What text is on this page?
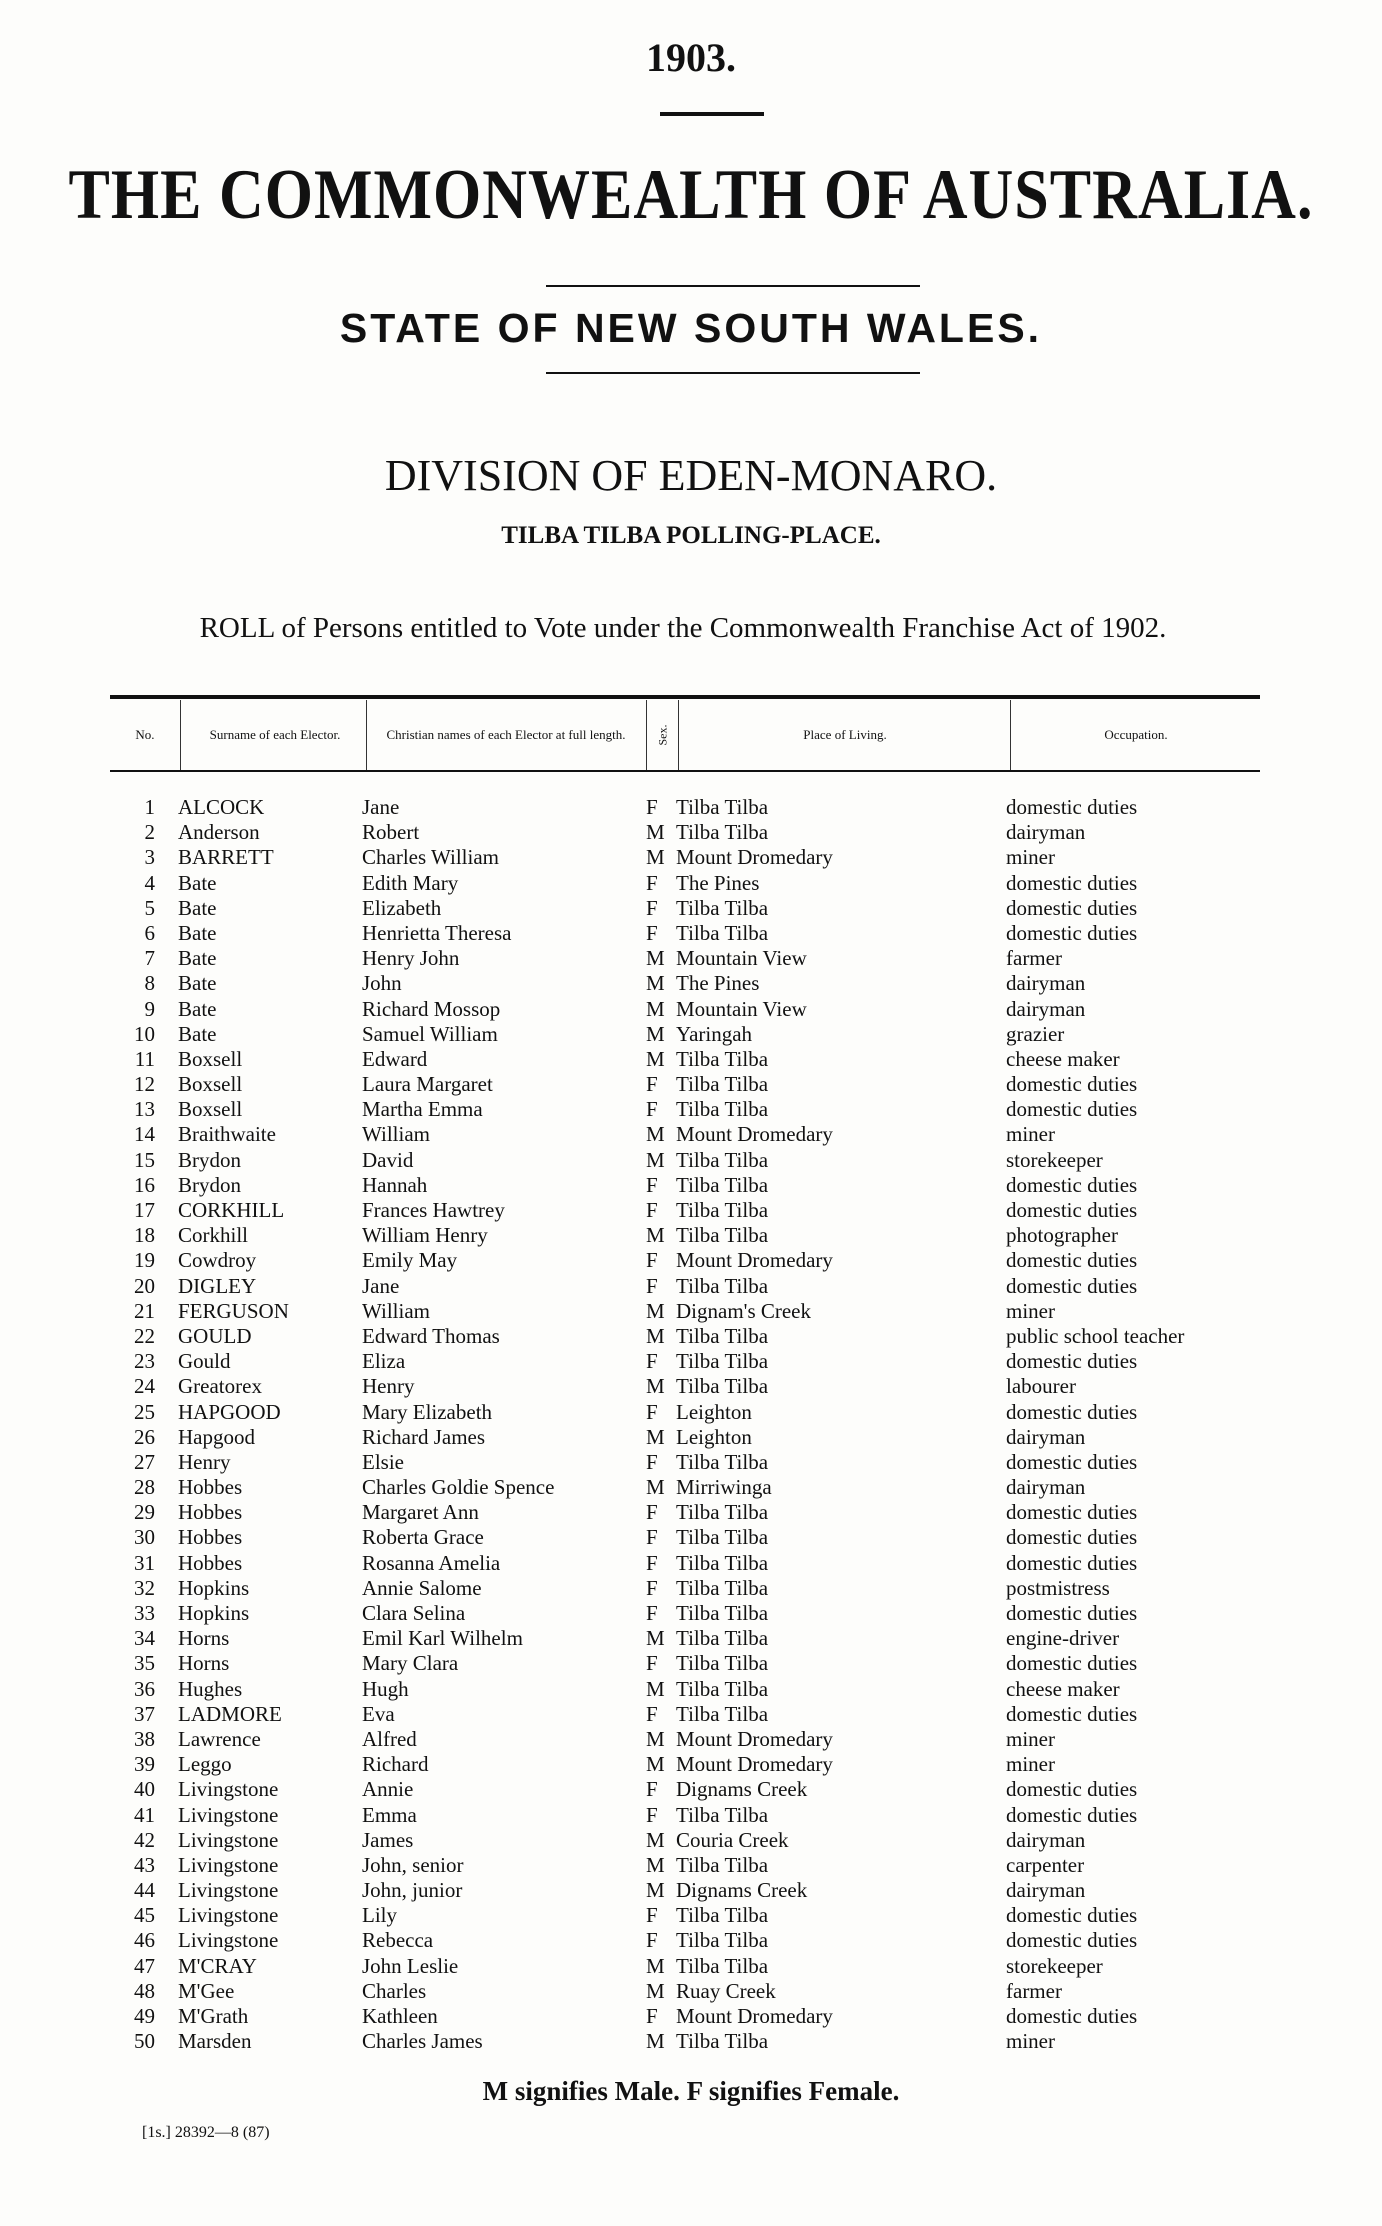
1903.
THE COMMONWEALTH OF AUSTRALIA.
STATE OF NEW SOUTH WALES.
DIVISION OF EDEN-MONARO.
TILBA TILBA POLLING-PLACE.
ROLL of Persons entitled to Vote under the Commonwealth Franchise Act of 1902.
No.	Surname of each Elector.	Christian names of each Elector at full length.	Sex.	Place of Living.	Occupation.
1 ALCOCK	Jane	F Tilba Tilba	domestic duties
2 Anderson	Robert	M Tilba Tilba	dairyman
3 BARRETT	Charles William	M Mount Dromedary	miner
4 Bate	Edith Mary	F The Pines	domestic duties
5 Bate	Elizabeth	F Tilba Tilba	domestic duties
6 Bate	Henrietta Theresa	F Tilba Tilba	domestic duties
7 Bate	Henry John	M Mountain View	farmer
8 Bate	John	M The Pines	dairyman
9 Bate	Richard Mossop	M Mountain View	dairyman
10 Bate	Samuel William	M Yaringah	grazier
11 Boxsell	Edward	M Tilba Tilba	cheese maker
12 Boxsell	Laura Margaret	F Tilba Tilba	domestic duties
13 Boxsell	Martha Emma	F Tilba Tilba	domestic duties
14 Braithwaite	William	M Mount Dromedary	miner
15 Brydon	David	M Tilba Tilba	storekeeper
16 Brydon	Hannah	F Tilba Tilba	domestic duties
17 CORKHILL	Frances Hawtrey	F Tilba Tilba	domestic duties
18 Corkhill	William Henry	M Tilba Tilba	photographer
19 Cowdroy	Emily May	F Mount Dromedary	domestic duties
20 DIGLEY	Jane	F Tilba Tilba	domestic duties
21 FERGUSON	William	M Dignam's Creek	miner
22 GOULD	Edward Thomas	M Tilba Tilba	public school teacher
23 Gould	Eliza	F Tilba Tilba	domestic duties
24 Greatorex	Henry	M Tilba Tilba	labourer
25 HAPGOOD	Mary Elizabeth	F Leighton	domestic duties
26 Hapgood	Richard James	M Leighton	dairyman
27 Henry	Elsie	F Tilba Tilba	domestic duties
28 Hobbes	Charles Goldie Spence	M Mirriwinga	dairyman
29 Hobbes	Margaret Ann	F Tilba Tilba	domestic duties
30 Hobbes	Roberta Grace	F Tilba Tilba	domestic duties
31 Hobbes	Rosanna Amelia	F Tilba Tilba	domestic duties
32 Hopkins	Annie Salome	F Tilba Tilba	postmistress
33 Hopkins	Clara Selina	F Tilba Tilba	domestic duties
34 Horns	Emil Karl Wilhelm	M Tilba Tilba	engine-driver
35 Horns	Mary Clara	F Tilba Tilba	domestic duties
36 Hughes	Hugh	M Tilba Tilba	cheese maker
37 LADMORE	Eva	F Tilba Tilba	domestic duties
38 Lawrence	Alfred	M Mount Dromedary	miner
39 Leggo	Richard	M Mount Dromedary	miner
40 Livingstone	Annie	F Dignams Creek	domestic duties
41 Livingstone	Emma	F Tilba Tilba	domestic duties
42 Livingstone	James	M Couria Creek	dairyman
43 Livingstone	John, senior	M Tilba Tilba	carpenter
44 Livingstone	John, junior	M Dignams Creek	dairyman
45 Livingstone	Lily	F Tilba Tilba	domestic duties
46 Livingstone	Rebecca	F Tilba Tilba	domestic duties
47 M'CRAY	John Leslie	M Tilba Tilba	storekeeper
48 M'Gee	Charles	M Ruay Creek	farmer
49 M'Grath	Kathleen	F Mount Dromedary	domestic duties
50 Marsden	Charles James	M Tilba Tilba	miner
M signifies Male. F signifies Female.
[1s.] 28392—8 (87)
